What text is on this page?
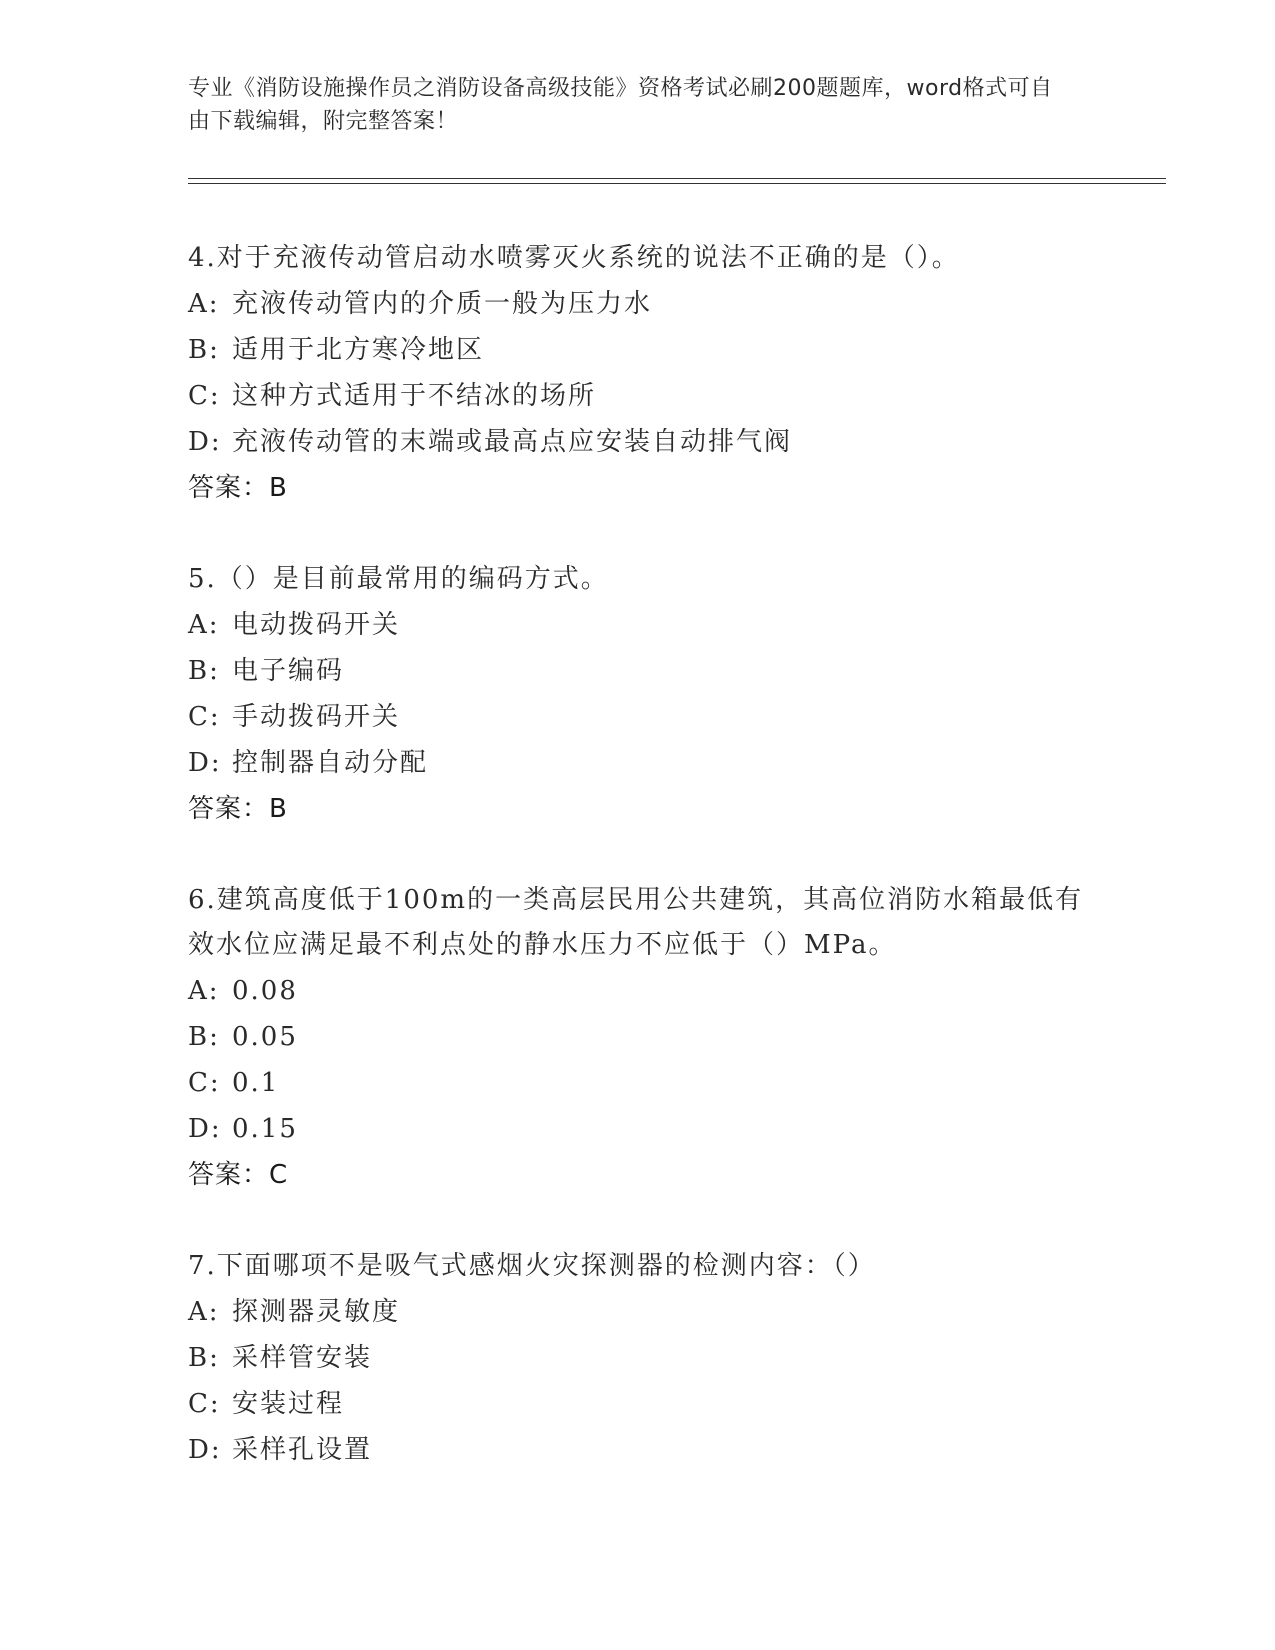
专业《消防设施操作员之消防设备高级技能》资格考试必刷200题题库，word格式可自由下载编辑，附完整答案！

4.对于充液传动管启动水喷雾灭火系统的说法不正确的是（）。

A: 充液传动管内的介质一般为压力水
B: 适用于北方寒冷地区
C: 这种方式适用于不结冰的场所
D: 充液传动管的末端或最高点应安装自动排气阀
答案：B

5.（）是目前最常用的编码方式。

A: 电动拨码开关
B: 电子编码
C: 手动拨码开关
D: 控制器自动分配
答案：B

6.建筑高度低于100m的一类高层民用公共建筑，其高位消防水箱最低有效水位应满足最不利点处的静水压力不应低于（）MPa。

A: 0.08
B: 0.05
C: 0.1
D: 0.15
答案：C

7.下面哪项不是吸气式感烟火灾探测器的检测内容：（）

A: 探测器灵敏度
B: 采样管安装
C: 安装过程
D: 采样孔设置
